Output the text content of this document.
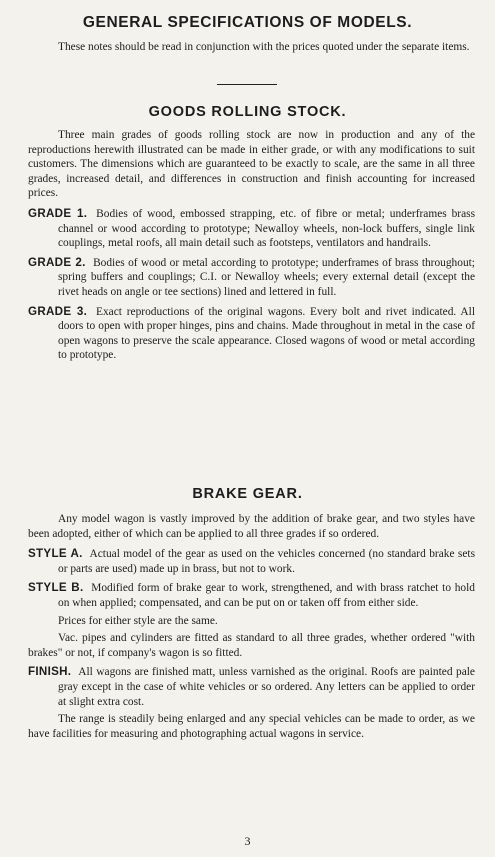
GENERAL SPECIFICATIONS OF MODELS.

These notes should be read in conjunction with the prices quoted under the separate items.

GOODS ROLLING STOCK.

Three main grades of goods rolling stock are now in production and any of the reproductions herewith illustrated can be made in either grade, or with any modifications to suit customers. The dimensions which are guaranteed to be exactly to scale, are the same in all three grades, increased detail, and differences in construction and finish accounting for increased prices.

GRADE 1. Bodies of wood, embossed strapping, etc. of fibre or metal; underframes brass channel or wood according to prototype; Newalloy wheels, non-lock buffers, single link couplings, metal roofs, all main detail such as footsteps, ventilators and handrails.

GRADE 2. Bodies of wood or metal according to prototype; underframes of brass throughout; spring buffers and couplings; C.I. or Newalloy wheels; every external detail (except the rivet heads on angle or tee sections) lined and lettered in full.

GRADE 3. Exact reproductions of the original wagons. Every bolt and rivet indicated. All doors to open with proper hinges, pins and chains. Made throughout in metal in the case of open wagons to preserve the scale appearance. Closed wagons of wood or metal according to prototype.

BRAKE GEAR.

Any model wagon is vastly improved by the addition of brake gear, and two styles have been adopted, either of which can be applied to all three grades if so ordered.

STYLE A. Actual model of the gear as used on the vehicles concerned (no standard brake sets or parts are used) made up in brass, but not to work.

STYLE B. Modified form of brake gear to work, strengthened, and with brass ratchet to hold on when applied; compensated, and can be put on or taken off from either side.

Prices for either style are the same.

Vac. pipes and cylinders are fitted as standard to all three grades, whether ordered "with brakes" or not, if company's wagon is so fitted.

FINISH. All wagons are finished matt, unless varnished as the original. Roofs are painted pale gray except in the case of white vehicles or so ordered. Any letters can be applied to order at slight extra cost.

The range is steadily being enlarged and any special vehicles can be made to order, as we have facilities for measuring and photographing actual wagons in service.

3
